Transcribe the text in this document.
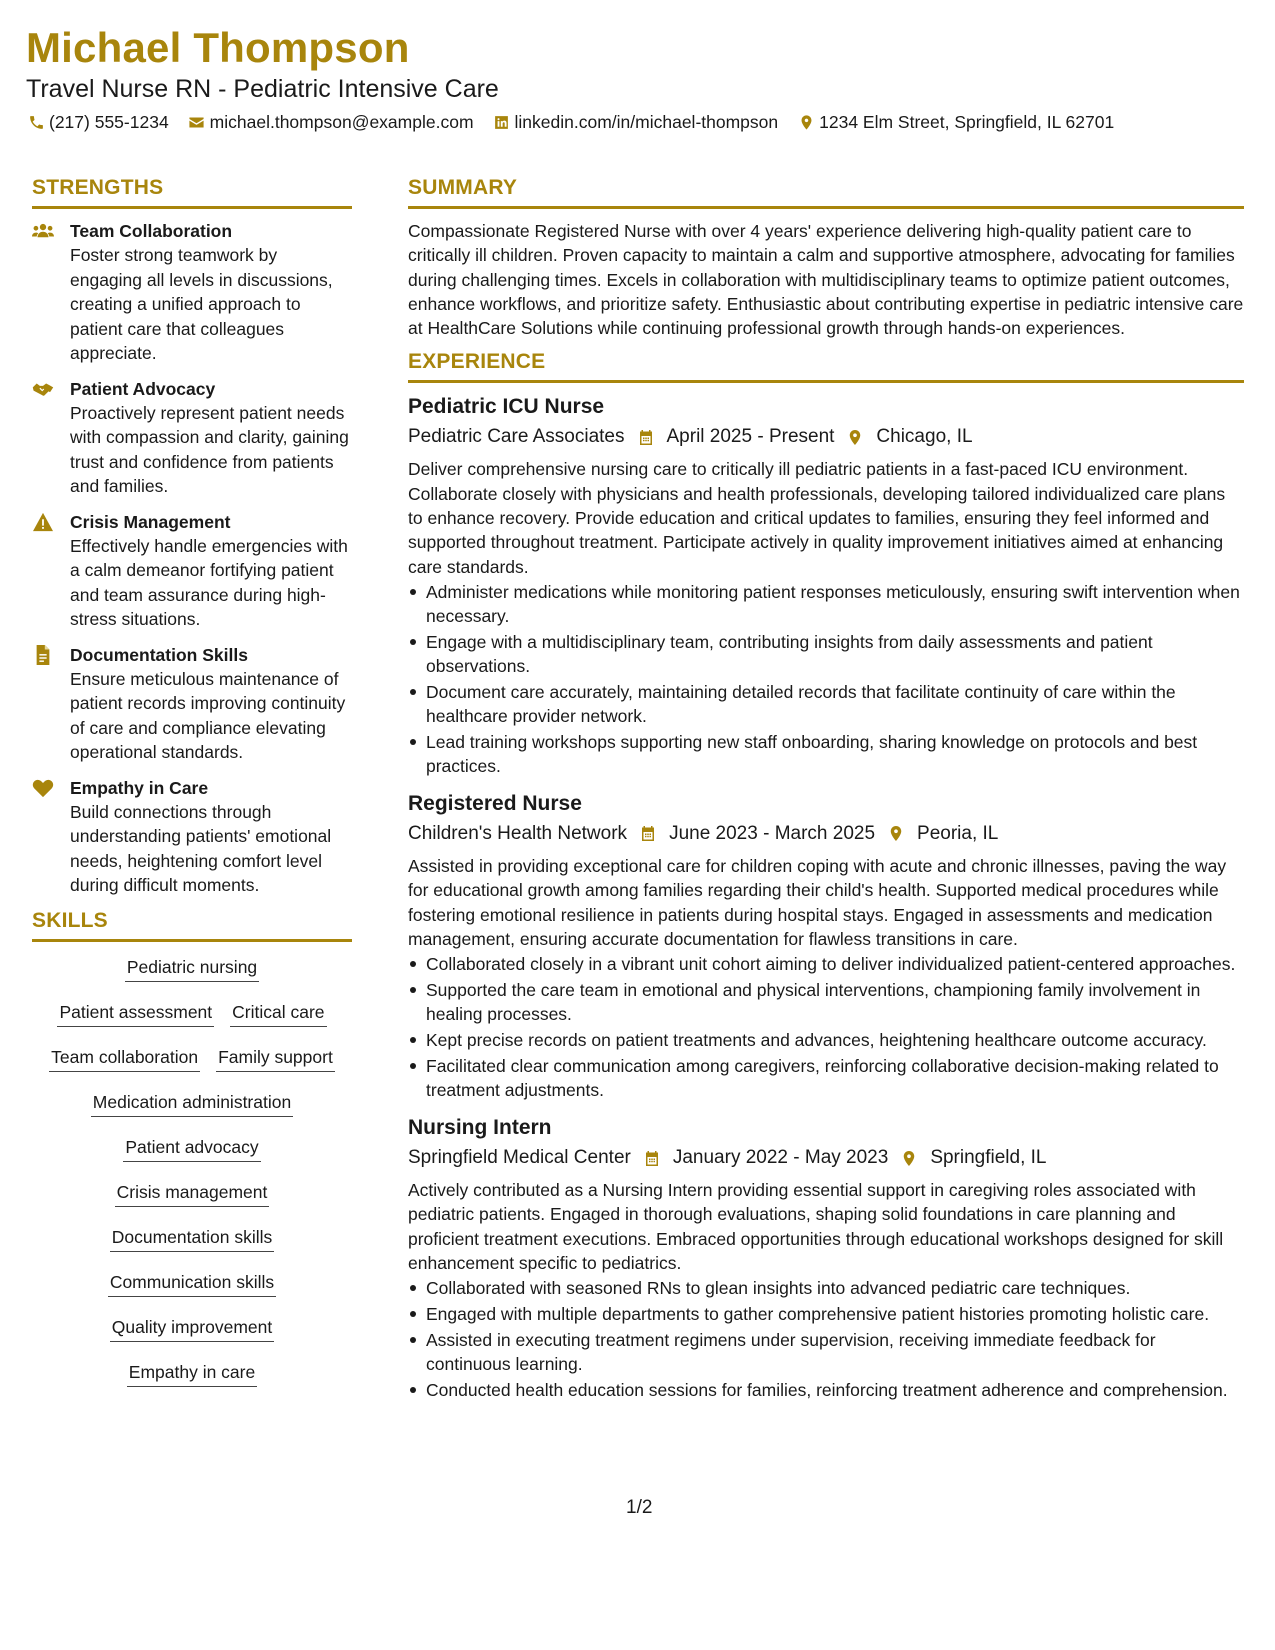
Michael Thompson
Travel Nurse RN - Pediatric Intensive Care
(217) 555-1234 michael.thompson@example.com linkedin.com/in/michael-thompson 1234 Elm Street, Springfield, IL 62701
STRENGTHS
Team Collaboration
Foster strong teamwork by engaging all levels in discussions, creating a unified approach to patient care that colleagues appreciate.
Patient Advocacy
Proactively represent patient needs with compassion and clarity, gaining trust and confidence from patients and families.
Crisis Management
Effectively handle emergencies with a calm demeanor fortifying patient and team assurance during high-stress situations.
Documentation Skills
Ensure meticulous maintenance of patient records improving continuity of care and compliance elevating operational standards.
Empathy in Care
Build connections through understanding patients' emotional needs, heightening comfort level during difficult moments.
SKILLS
Pediatric nursing
Patient assessment Critical care
Team collaboration Family support
Medication administration
Patient advocacy
Crisis management
Documentation skills
Communication skills
Quality improvement
Empathy in care
SUMMARY
Compassionate Registered Nurse with over 4 years' experience delivering high-quality patient care to critically ill children. Proven capacity to maintain a calm and supportive atmosphere, advocating for families during challenging times. Excels in collaboration with multidisciplinary teams to optimize patient outcomes, enhance workflows, and prioritize safety. Enthusiastic about contributing expertise in pediatric intensive care at HealthCare Solutions while continuing professional growth through hands-on experiences.
EXPERIENCE
Pediatric ICU Nurse
Pediatric Care Associates April 2025 - Present Chicago, IL
Deliver comprehensive nursing care to critically ill pediatric patients in a fast-paced ICU environment. Collaborate closely with physicians and health professionals, developing tailored individualized care plans to enhance recovery. Provide education and critical updates to families, ensuring they feel informed and supported throughout treatment. Participate actively in quality improvement initiatives aimed at enhancing care standards.
Administer medications while monitoring patient responses meticulously, ensuring swift intervention when necessary.
Engage with a multidisciplinary team, contributing insights from daily assessments and patient observations.
Document care accurately, maintaining detailed records that facilitate continuity of care within the healthcare provider network.
Lead training workshops supporting new staff onboarding, sharing knowledge on protocols and best practices.
Registered Nurse
Children's Health Network June 2023 - March 2025 Peoria, IL
Assisted in providing exceptional care for children coping with acute and chronic illnesses, paving the way for educational growth among families regarding their child's health. Supported medical procedures while fostering emotional resilience in patients during hospital stays. Engaged in assessments and medication management, ensuring accurate documentation for flawless transitions in care.
Collaborated closely in a vibrant unit cohort aiming to deliver individualized patient-centered approaches.
Supported the care team in emotional and physical interventions, championing family involvement in healing processes.
Kept precise records on patient treatments and advances, heightening healthcare outcome accuracy.
Facilitated clear communication among caregivers, reinforcing collaborative decision-making related to treatment adjustments.
Nursing Intern
Springfield Medical Center January 2022 - May 2023 Springfield, IL
Actively contributed as a Nursing Intern providing essential support in caregiving roles associated with pediatric patients. Engaged in thorough evaluations, shaping solid foundations in care planning and proficient treatment executions. Embraced opportunities through educational workshops designed for skill enhancement specific to pediatrics.
Collaborated with seasoned RNs to glean insights into advanced pediatric care techniques.
Engaged with multiple departments to gather comprehensive patient histories promoting holistic care.
Assisted in executing treatment regimens under supervision, receiving immediate feedback for continuous learning.
Conducted health education sessions for families, reinforcing treatment adherence and comprehension.
1/2
